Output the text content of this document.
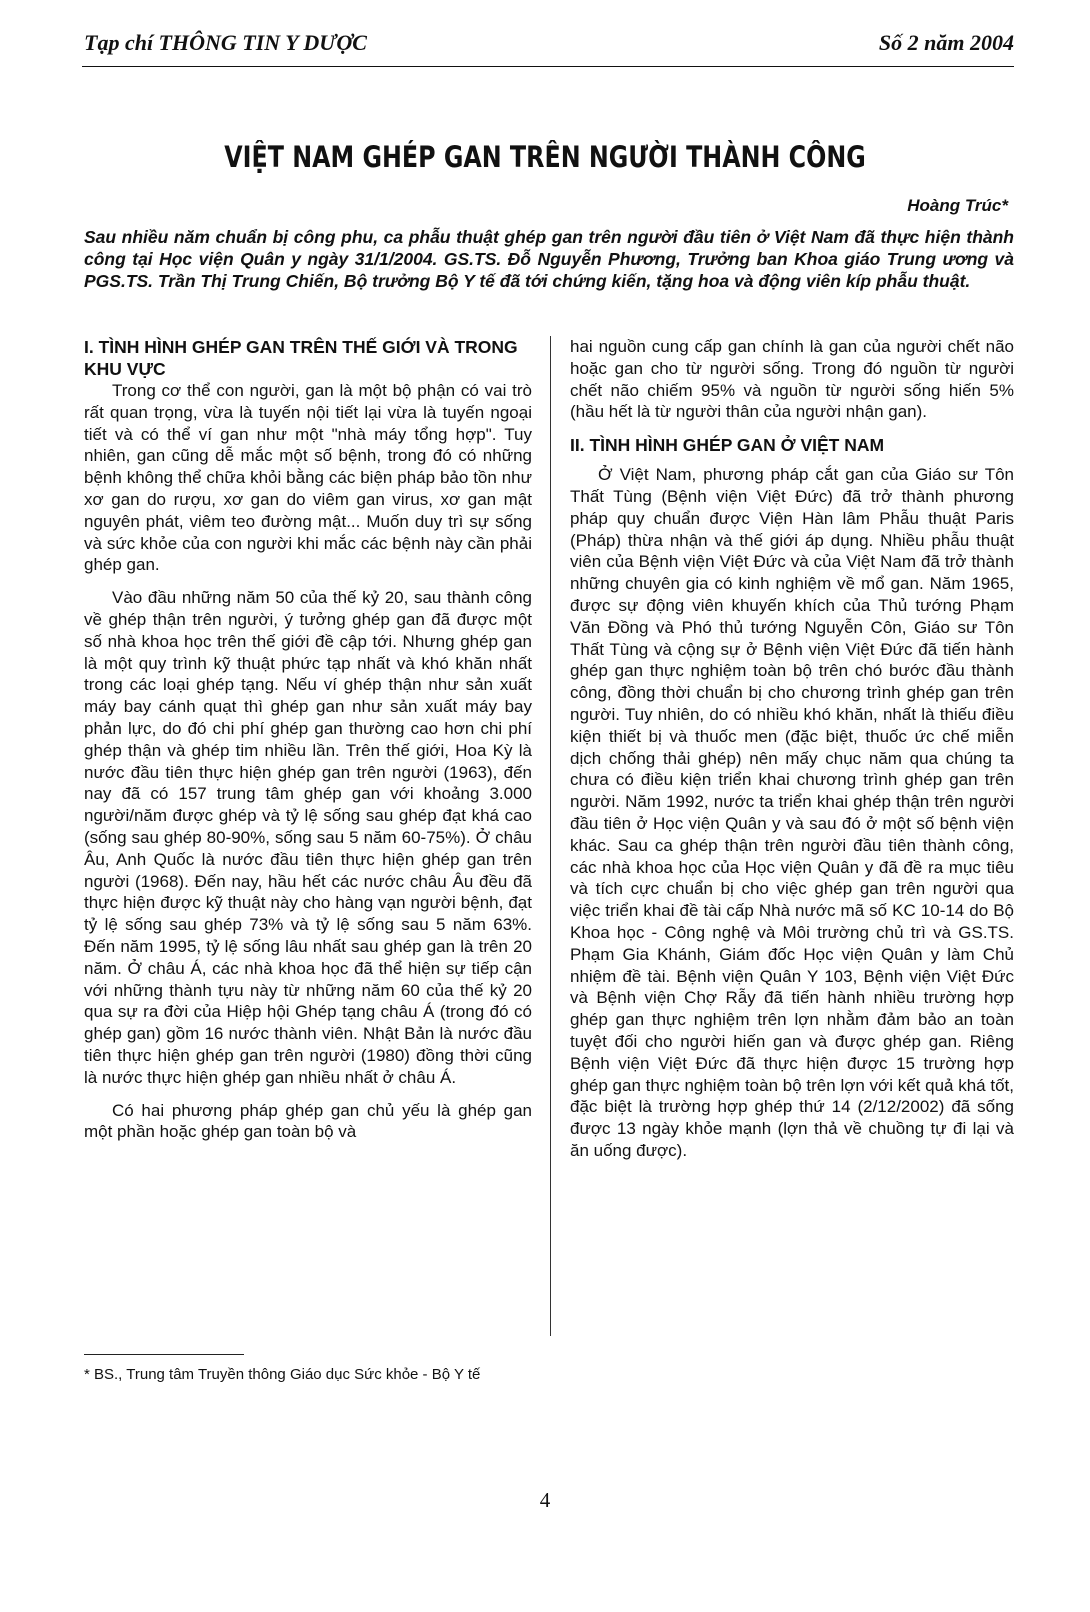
Tạp chí THÔNG TIN Y DƯỢC	Số 2 năm 2004
VIỆT NAM GHÉP GAN TRÊN NGƯỜI THÀNH CÔNG
Hoàng Trúc*
Sau nhiều năm chuẩn bị công phu, ca phẫu thuật ghép gan trên người đầu tiên ở Việt Nam đã thực hiện thành công tại Học viện Quân y ngày 31/1/2004. GS.TS. Đỗ Nguyễn Phương, Trưởng ban Khoa giáo Trung ương và PGS.TS. Trần Thị Trung Chiến, Bộ trưởng Bộ Y tế đã tới chứng kiến, tặng hoa và động viên kíp phẫu thuật.
I. TÌNH HÌNH GHÉP GAN TRÊN THẾ GIỚI VÀ TRONG KHU VỰC

Trong cơ thể con người, gan là một bộ phận có vai trò rất quan trọng, vừa là tuyến nội tiết lại vừa là tuyến ngoại tiết và có thể ví gan như một "nhà máy tổng hợp". Tuy nhiên, gan cũng dễ mắc một số bệnh, trong đó có những bệnh không thể chữa khỏi bằng các biện pháp bảo tồn như xơ gan do rượu, xơ gan do viêm gan virus, xơ gan mật nguyên phát, viêm teo đường mật... Muốn duy trì sự sống và sức khỏe của con người khi mắc các bệnh này cần phải ghép gan.

Vào đầu những năm 50 của thế kỷ 20, sau thành công về ghép thận trên người, ý tưởng ghép gan đã được một số nhà khoa học trên thế giới đề cập tới. Nhưng ghép gan là một quy trình kỹ thuật phức tạp nhất và khó khăn nhất trong các loại ghép tạng. Nếu ví ghép thận như sản xuất máy bay cánh quạt thì ghép gan như sản xuất máy bay phản lực, do đó chi phí ghép gan thường cao hơn chi phí ghép thận và ghép tim nhiều lần. Trên thế giới, Hoa Kỳ là nước đầu tiên thực hiện ghép gan trên người (1963), đến nay đã có 157 trung tâm ghép gan với khoảng 3.000 người/năm được ghép và tỷ lệ sống sau ghép đạt khá cao (sống sau ghép 80-90%, sống sau 5 năm 60-75%). Ở châu Âu, Anh Quốc là nước đầu tiên thực hiện ghép gan trên người (1968). Đến nay, hầu hết các nước châu Âu đều đã thực hiện được kỹ thuật này cho hàng vạn người bệnh, đạt tỷ lệ sống sau ghép 73% và tỷ lệ sống sau 5 năm 63%. Đến năm 1995, tỷ lệ sống lâu nhất sau ghép gan là trên 20 năm. Ở châu Á, các nhà khoa học đã thể hiện sự tiếp cận với những thành tựu này từ những năm 60 của thế kỷ 20 qua sự ra đời của Hiệp hội Ghép tạng châu Á (trong đó có ghép gan) gồm 16 nước thành viên. Nhật Bản là nước đầu tiên thực hiện ghép gan trên người (1980) đồng thời cũng là nước thực hiện ghép gan nhiều nhất ở châu Á.

Có hai phương pháp ghép gan chủ yếu là ghép gan một phần hoặc ghép gan toàn bộ và

hai nguồn cung cấp gan chính là gan của người chết não hoặc gan cho từ người sống. Trong đó nguồn từ người chết não chiếm 95% và nguồn từ người sống hiến 5% (hầu hết là từ người thân của người nhận gan).

II. TÌNH HÌNH GHÉP GAN Ở VIỆT NAM

Ở Việt Nam, phương pháp cắt gan của Giáo sư Tôn Thất Tùng (Bệnh viện Việt Đức) đã trở thành phương pháp quy chuẩn được Viện Hàn lâm Phẫu thuật Paris (Pháp) thừa nhận và thế giới áp dụng. Nhiều phẫu thuật viên của Bệnh viện Việt Đức và của Việt Nam đã trở thành những chuyên gia có kinh nghiệm về mổ gan. Năm 1965, được sự động viên khuyến khích của Thủ tướng Phạm Văn Đồng và Phó thủ tướng Nguyễn Côn, Giáo sư Tôn Thất Tùng và cộng sự ở Bệnh viện Việt Đức đã tiến hành ghép gan thực nghiệm toàn bộ trên chó bước đầu thành công, đồng thời chuẩn bị cho chương trình ghép gan trên người. Tuy nhiên, do có nhiều khó khăn, nhất là thiếu điều kiện thiết bị và thuốc men (đặc biệt, thuốc ức chế miễn dịch chống thải ghép) nên mấy chục năm qua chúng ta chưa có điều kiện triển khai chương trình ghép gan trên người. Năm 1992, nước ta triển khai ghép thận trên người đầu tiên ở Học viện Quân y và sau đó ở một số bệnh viện khác. Sau ca ghép thận trên người đầu tiên thành công, các nhà khoa học của Học viện Quân y đã đề ra mục tiêu và tích cực chuẩn bị cho việc ghép gan trên người qua việc triển khai đề tài cấp Nhà nước mã số KC 10-14 do Bộ Khoa học - Công nghệ và Môi trường chủ trì và GS.TS. Phạm Gia Khánh, Giám đốc Học viện Quân y làm Chủ nhiệm đề tài. Bệnh viện Quân Y 103, Bệnh viện Việt Đức và Bệnh viện Chợ Rẫy đã tiến hành nhiều trường hợp ghép gan thực nghiệm trên lợn nhằm đảm bảo an toàn tuyệt đối cho người hiến gan và được ghép gan. Riêng Bệnh viện Việt Đức đã thực hiện được 15 trường hợp ghép gan thực nghiệm toàn bộ trên lợn với kết quả khá tốt, đặc biệt là trường hợp ghép thứ 14 (2/12/2002) đã sống được 13 ngày khỏe mạnh (lợn thả về chuồng tự đi lại và ăn uống được).

* BS., Trung tâm Truyền thông Giáo dục Sức khỏe - Bộ Y tế
4
